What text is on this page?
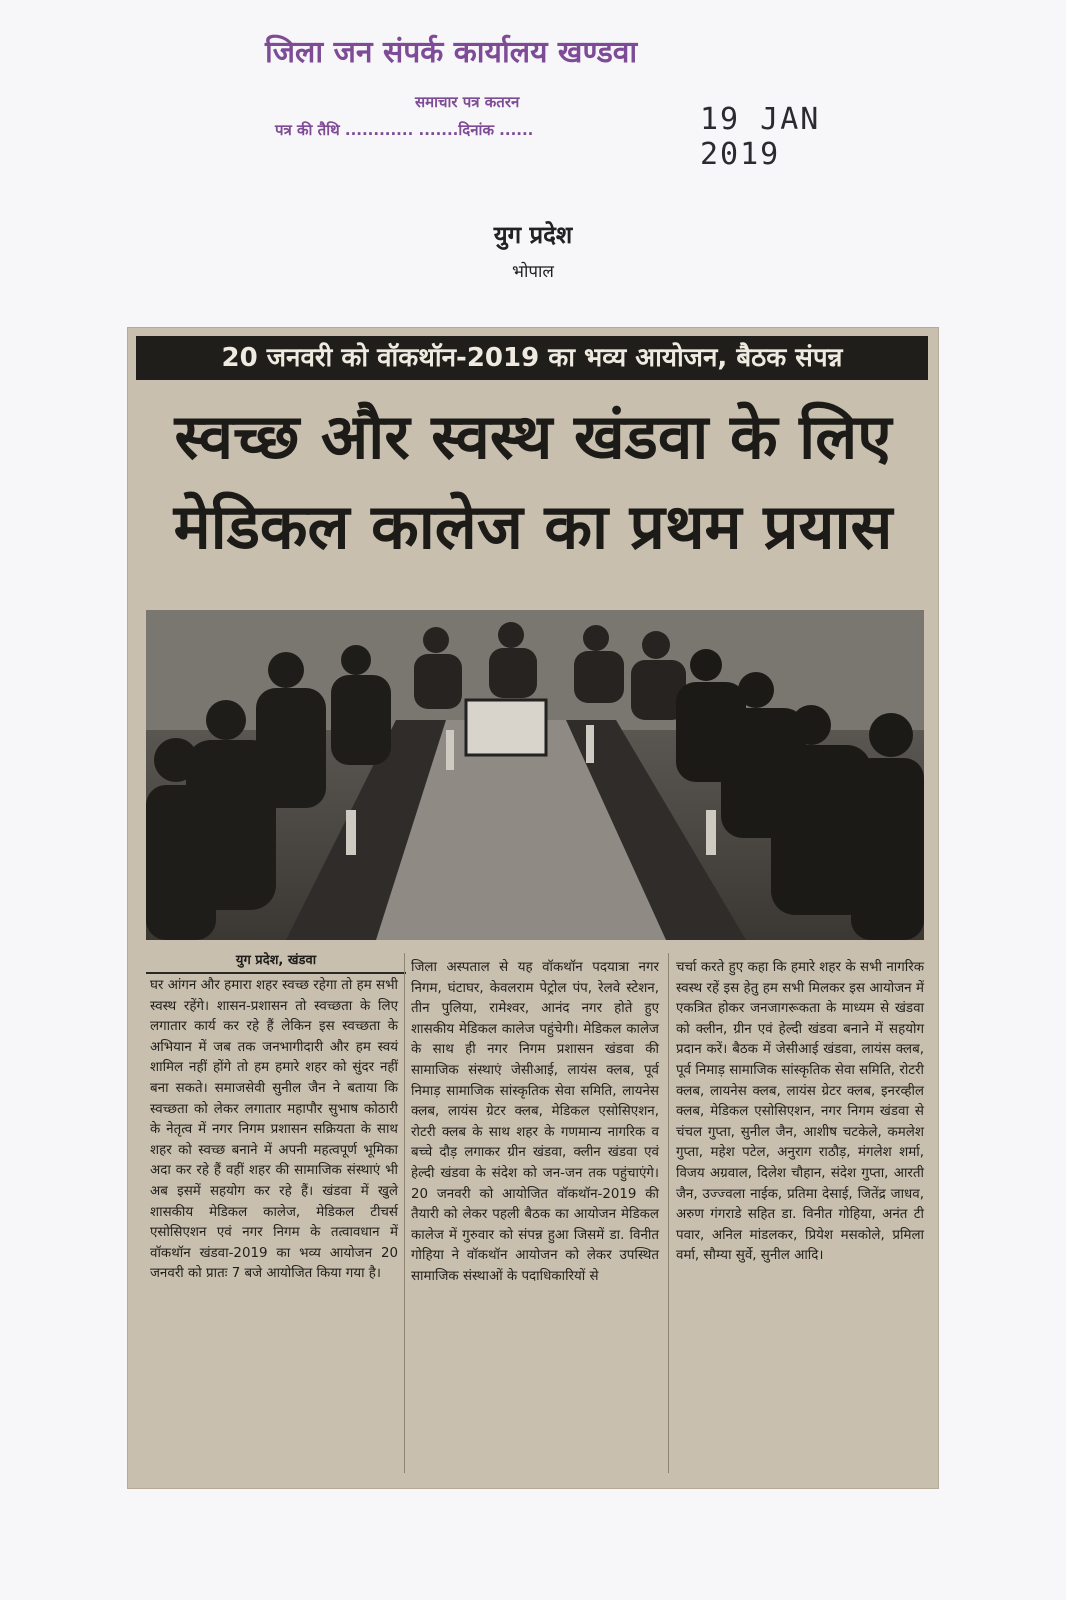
जिला जन संपर्क कार्यालय खण्डवा
समाचार पत्र कतरन
पत्र की तैथि ............ .......दिनांक ......	19 JAN 2019
युग प्रदेश
भोपाल
20 जनवरी को वॉकथॉन-2019 का भव्य आयोजन, बैठक संपन्न
स्वच्छ और स्वस्थ खंडवा के लिए
मेडिकल कालेज का प्रथम प्रयास
युग प्रदेश, खंडवा
घर आंगन और हमारा शहर स्वच्छ रहेगा तो हम सभी स्वस्थ रहेंगे। शासन-प्रशासन तो स्वच्छता के लिए लगातार कार्य कर रहे हैं लेकिन इस स्वच्छता के अभियान में जब तक जनभागीदारी और हम स्वयं शामिल नहीं होंगे तो हम हमारे शहर को सुंदर नहीं बना सकते। समाजसेवी सुनील जैन ने बताया कि स्वच्छता को लेकर लगातार महापौर सुभाष कोठारी के नेतृत्व में नगर निगम प्रशासन सक्रियता के साथ शहर को स्वच्छ बनाने में अपनी महत्वपूर्ण भूमिका अदा कर रहे हैं वहीं शहर की सामाजिक संस्थाएं भी अब इसमें सहयोग कर रहे हैं। खंडवा में खुले शासकीय मेडिकल कालेज, मेडिकल टीचर्स एसोसिएशन एवं नगर निगम के तत्वावधान में वॉकथॉन खंडवा-2019 का भव्य आयोजन 20 जनवरी को प्रातः 7 बजे आयोजित किया गया है।
जिला अस्पताल से यह वॉकथॉन पदयात्रा नगर निगम, घंटाघर, केवलराम पेट्रोल पंप, रेलवे स्टेशन, तीन पुलिया, रामेश्वर, आनंद नगर होते हुए शासकीय मेडिकल कालेज पहुंचेगी। मेडिकल कालेज के साथ ही नगर निगम प्रशासन खंडवा की सामाजिक संस्थाएं जेसीआई, लायंस क्लब, पूर्व निमाड़ सामाजिक सांस्कृतिक सेवा समिति, लायनेस क्लब, लायंस ग्रेटर क्लब, मेडिकल एसोसिएशन, रोटरी क्लब के साथ शहर के गणमान्य नागरिक व बच्चे दौड़ लगाकर ग्रीन खंडवा, क्लीन खंडवा एवं हेल्दी खंडवा के संदेश को जन-जन तक पहुंचाएंगे। 20 जनवरी को आयोजित वॉकथॉन-2019 की तैयारी को लेकर पहली बैठक का आयोजन मेडिकल कालेज में गुरुवार को संपन्न हुआ जिसमें डा. विनीत गोहिया ने वॉकथॉन आयोजन को लेकर उपस्थित सामाजिक संस्थाओं के पदाधिकारियों से
चर्चा करते हुए कहा कि हमारे शहर के सभी नागरिक स्वस्थ रहें इस हेतु हम सभी मिलकर इस आयोजन में एकत्रित होकर जनजागरूकता के माध्यम से खंडवा को क्लीन, ग्रीन एवं हेल्दी खंडवा बनाने में सहयोग प्रदान करें। बैठक में जेसीआई खंडवा, लायंस क्लब, पूर्व निमाड़ सामाजिक सांस्कृतिक सेवा समिति, रोटरी क्लब, लायनेस क्लब, लायंस ग्रेटर क्लब, इनरव्हील क्लब, मेडिकल एसोसिएशन, नगर निगम खंडवा से चंचल गुप्ता, सुनील जैन, आशीष चटकेले, कमलेश गुप्ता, महेश पटेल, अनुराग राठौड़, मंगलेश शर्मा, विजय अग्रवाल, दिलेश चौहान, संदेश गुप्ता, आरती जैन, उज्ज्वला नाईक, प्रतिमा देसाई, जितेंद्र जाधव, अरुण गंगराडे सहित डा. विनीत गोहिया, अनंत टी पवार, अनिल मांडलकर, प्रियेश मसकोले, प्रमिला वर्मा, सौम्या सुर्वे, सुनील आदि।
